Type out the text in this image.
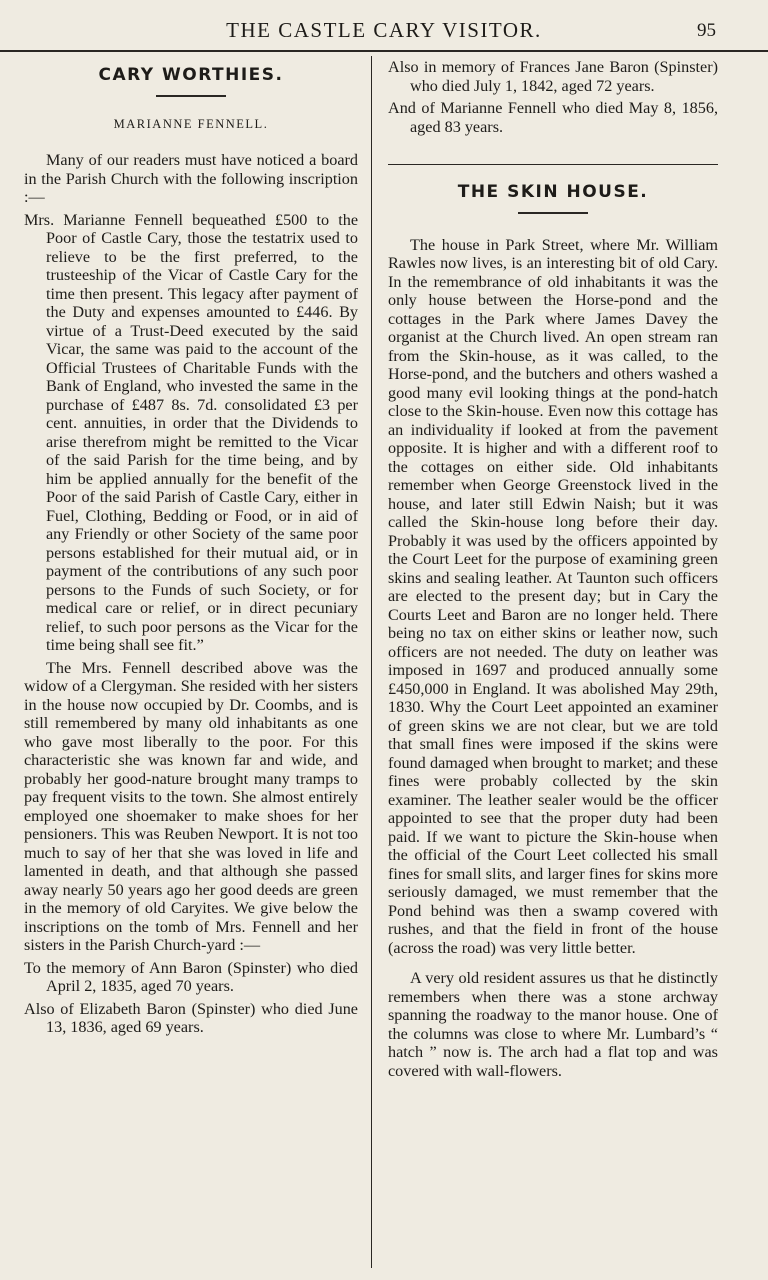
THE CASTLE CARY VISITOR.	95
CARY WORTHIES.
MARIANNE FENNELL.

Many of our readers must have noticed a board in the Parish Church with the following inscription :—

Mrs. Marianne Fennell bequeathed £500 to the Poor of Castle Cary, those the testatrix used to relieve to be the first preferred, to the trusteeship of the Vicar of Castle Cary for the time then present. This legacy after payment of the Duty and expenses amounted to £446. By virtue of a Trust-Deed executed by the said Vicar, the same was paid to the account of the Official Trustees of Charitable Funds with the Bank of England, who invested the same in the purchase of £487 8s. 7d. consolidated £3 per cent. annuities, in order that the Dividends to arise therefrom might be remitted to the Vicar of the said Parish for the time being, and by him be applied annually for the benefit of the Poor of the said Parish of Castle Cary, either in Fuel, Clothing, Bedding or Food, or in aid of any Friendly or other Society of the same poor persons established for their mutual aid, or in payment of the contributions of any such poor persons to the Funds of such Society, or for medical care or relief, or in direct pecuniary relief, to such poor persons as the Vicar for the time being shall see fit.”

The Mrs. Fennell described above was the widow of a Clergyman. She resided with her sisters in the house now occupied by Dr. Coombs, and is still remembered by many old inhabitants as one who gave most liberally to the poor. For this characteristic she was known far and wide, and probably her good-nature brought many tramps to pay frequent visits to the town. She almost entirely employed one shoemaker to make shoes for her pensioners. This was Reuben Newport. It is not too much to say of her that she was loved in life and lamented in death, and that although she passed away nearly 50 years ago her good deeds are green in the memory of old Caryites. We give below the inscriptions on the tomb of Mrs. Fennell and her sisters in the Parish Church-yard :—

To the memory of Ann Baron (Spinster) who died April 2, 1835, aged 70 years.

Also of Elizabeth Baron (Spinster) who died June 13, 1836, aged 69 years.

Also in memory of Frances Jane Baron (Spinster) who died July 1, 1842, aged 72 years.

And of Marianne Fennell who died May 8, 1856, aged 83 years.

THE SKIN HOUSE.

The house in Park Street, where Mr. William Rawles now lives, is an interesting bit of old Cary. In the remembrance of old inhabitants it was the only house between the Horse-pond and the cottages in the Park where James Davey the organist at the Church lived. An open stream ran from the Skin-house, as it was called, to the Horse-pond, and the butchers and others washed a good many evil looking things at the pond-hatch close to the Skin-house. Even now this cottage has an individuality if looked at from the pavement opposite. It is higher and with a different roof to the cottages on either side. Old inhabitants remember when George Greenstock lived in the house, and later still Edwin Naish; but it was called the Skin-house long before their day. Probably it was used by the officers appointed by the Court Leet for the purpose of examining green skins and sealing leather. At Taunton such officers are elected to the present day; but in Cary the Courts Leet and Baron are no longer held. There being no tax on either skins or leather now, such officers are not needed. The duty on leather was imposed in 1697 and produced annually some £450,000 in England. It was abolished May 29th, 1830. Why the Court Leet appointed an examiner of green skins we are not clear, but we are told that small fines were imposed if the skins were found damaged when brought to market; and these fines were probably collected by the skin examiner. The leather sealer would be the officer appointed to see that the proper duty had been paid. If we want to picture the Skin-house when the official of the Court Leet collected his small fines for small slits, and larger fines for skins more seriously damaged, we must remember that the Pond behind was then a swamp covered with rushes, and that the field in front of the house (across the road) was very little better.

A very old resident assures us that he distinctly remembers when there was a stone archway spanning the roadway to the manor house. One of the columns was close to where Mr. Lumbard’s “ hatch ” now is. The arch had a flat top and was covered with wall-flowers.
